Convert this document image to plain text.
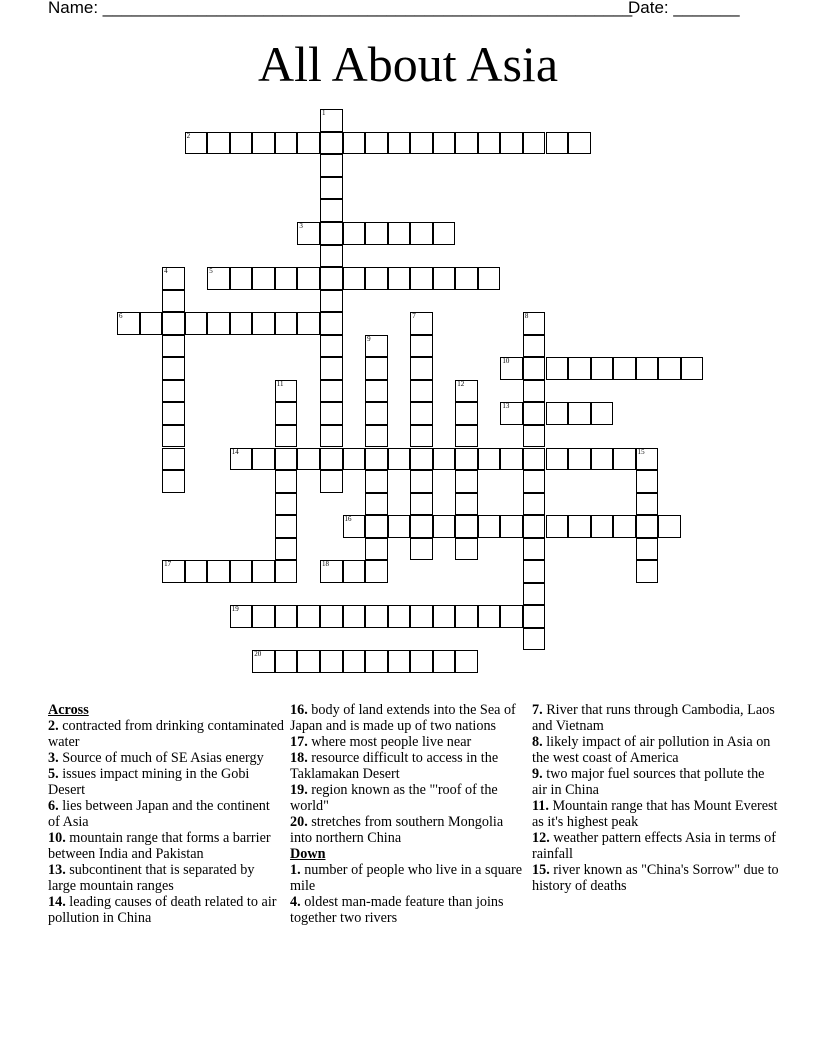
Name: ________________________________________________________
Date: _______
All About Asia
1
2
3
4	5
6	7	8
9
10
11	12
13
14	15
16
17	18
19
20
Across
2. contracted from drinking contaminated water
3. Source of much of SE Asias energy
5. issues impact mining in the Gobi Desert
6. lies between Japan and the continent of Asia
10. mountain range that forms a barrier between India and Pakistan
13. subcontinent that is separated by large mountain ranges
14. leading causes of death related to air pollution in China
16. body of land extends into the Sea of Japan and is made up of two nations
17. where most people live near
18. resource difficult to access in the Taklamakan Desert
19. region known as the "'roof of the world"
20. stretches from southern Mongolia into northern China
Down
1. number of people who live in a square mile
4. oldest man-made feature than joins together two rivers
7. River that runs through Cambodia, Laos and Vietnam
8. likely impact of air pollution in Asia on the west coast of America
9. two major fuel sources that pollute the air in China
11. Mountain range that has Mount Everest as it's highest peak
12. weather pattern effects Asia in terms of rainfall
15. river known as "China's Sorrow" due to history of deaths
